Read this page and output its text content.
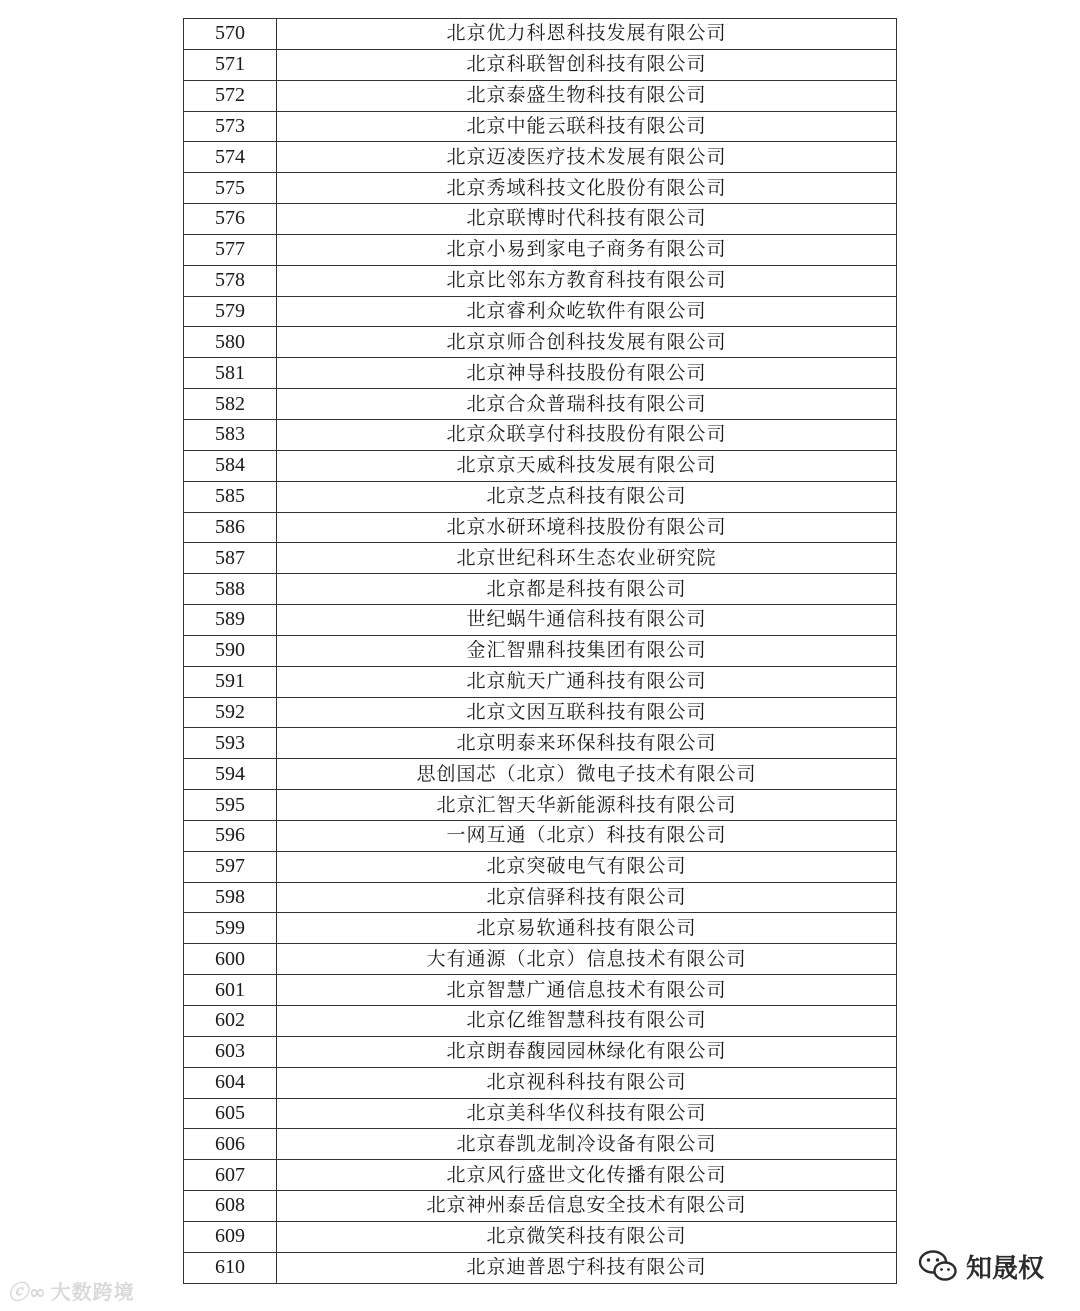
570	北京优力科恩科技发展有限公司
571	北京科联智创科技有限公司
572	北京泰盛生物科技有限公司
573	北京中能云联科技有限公司
574	北京迈凌医疗技术发展有限公司
575	北京秀域科技文化股份有限公司
576	北京联博时代科技有限公司
577	北京小易到家电子商务有限公司
578	北京比邻东方教育科技有限公司
579	北京睿利众屹软件有限公司
580	北京京师合创科技发展有限公司
581	北京神导科技股份有限公司
582	北京合众普瑞科技有限公司
583	北京众联享付科技股份有限公司
584	北京京天威科技发展有限公司
585	北京芝点科技有限公司
586	北京水研环境科技股份有限公司
587	北京世纪科环生态农业研究院
588	北京都是科技有限公司
589	世纪蜗牛通信科技有限公司
590	金汇智鼎科技集团有限公司
591	北京航天广通科技有限公司
592	北京文因互联科技有限公司
593	北京明泰来环保科技有限公司
594	思创国芯（北京）微电子技术有限公司
595	北京汇智天华新能源科技有限公司
596	一网互通（北京）科技有限公司
597	北京突破电气有限公司
598	北京信驿科技有限公司
599	北京易软通科技有限公司
600	大有通源（北京）信息技术有限公司
601	北京智慧广通信息技术有限公司
602	北京亿维智慧科技有限公司
603	北京朗春馥园园林绿化有限公司
604	北京视科科技有限公司
605	北京美科华仪科技有限公司
606	北京春凯龙制冷设备有限公司
607	北京风行盛世文化传播有限公司
608	北京神州泰岳信息安全技术有限公司
609	北京微笑科技有限公司
610	北京迪普恩宁科技有限公司
ⓒ∞ 大数跨境
知晟权
